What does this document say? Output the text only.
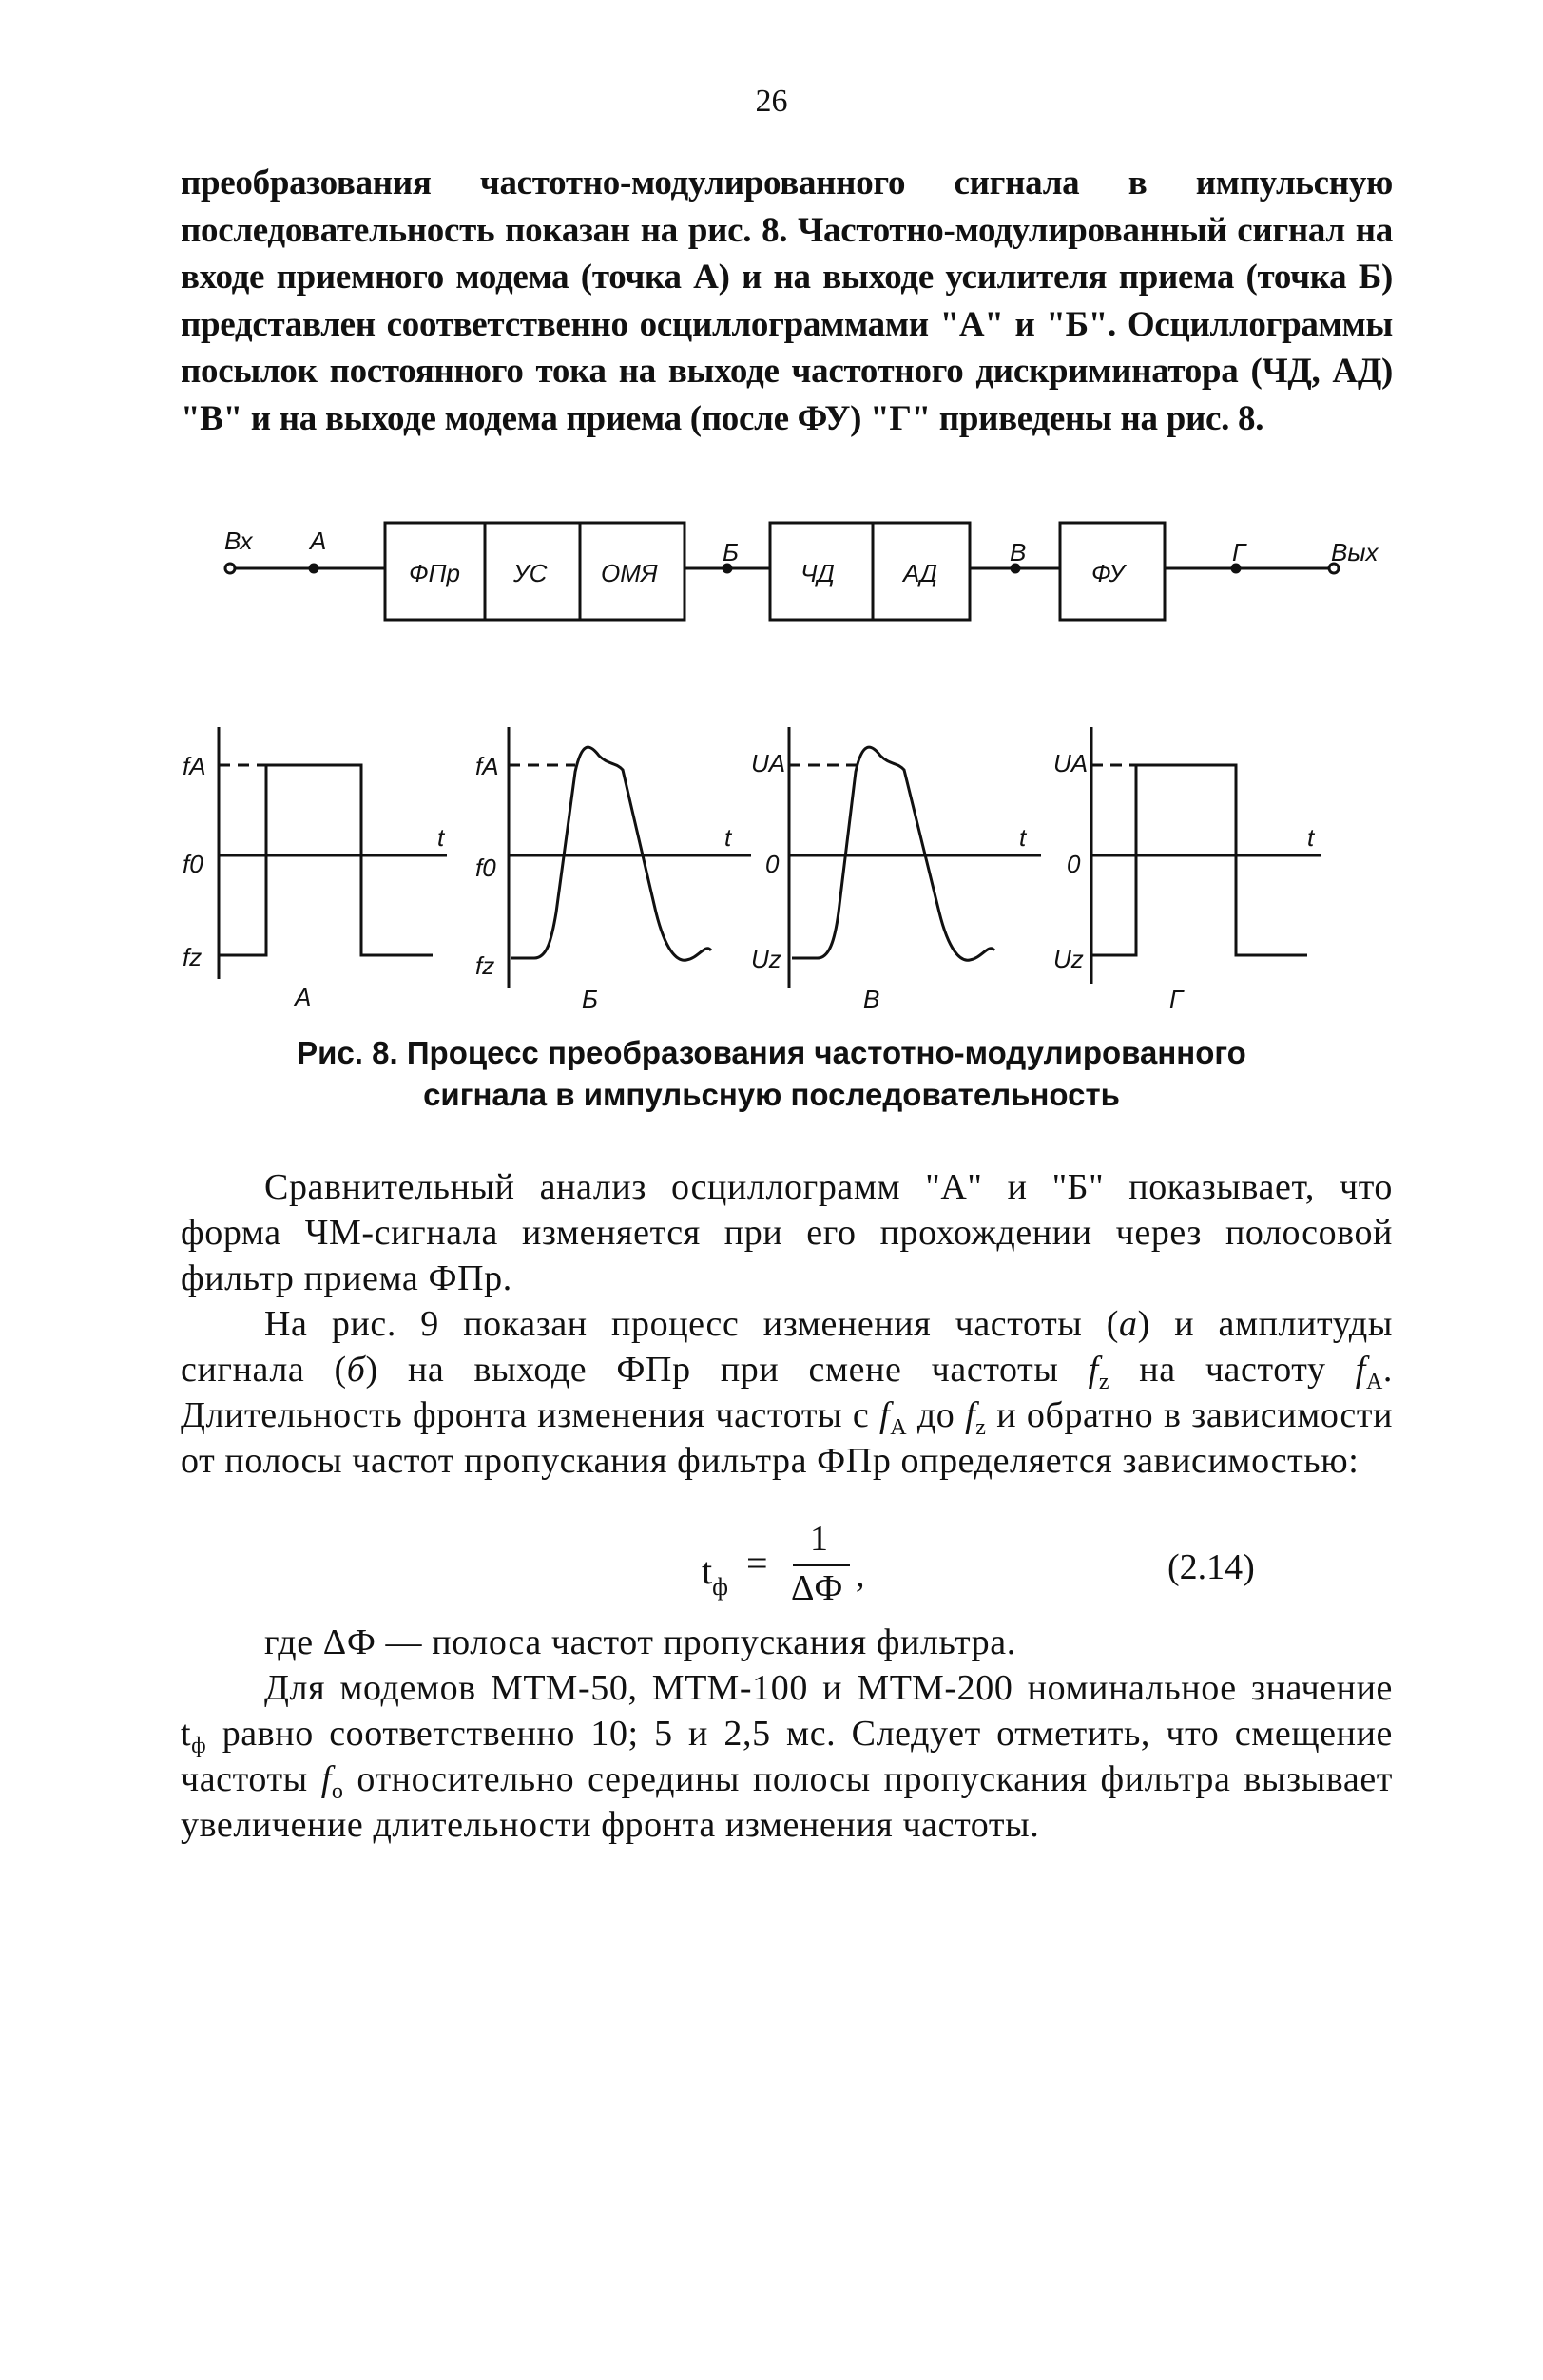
26

преобразования частотно-модулированного сигнала в импульсную последовательность показан на рис. 8. Частотно-модулированный сигнал на входе приемного модема (точка А) и на выходе усилителя приема (точка Б) представлен соответственно осциллограммами "А" и "Б". Осциллограммы посылок постоянного тока на выходе частотного дискриминатора (ЧД, АД) "В" и на выходе модема приема (после ФУ) "Г" приведены на рис. 8.

Вх А	Б	В	Г	Вых
ФПр УС ОМЯ	ЧД	АД	ФУ
fA
f0
fz
t
А
fA
f0
fz
t
Б
UA
0
Uz
t
В
UA
0
Uz
t
Г
Рис. 8. Процесс преобразования частотно-модулированного
сигнала в импульсную последовательность

Сравнительный анализ осциллограмм "А" и "Б" показывает, что форма ЧМ-сигнала изменяется при его прохождении через полосовой фильтр приема ФПр.

На рис. 9 показан процесс изменения частоты (а) и амплитуды сигнала (б) на выходе ФПр при смене частоты $f_z$ на частоту $f_A$. Длительность фронта изменения частоты с $f_A$ до $f_z$ и обратно в зависимости от полосы частот пропускания фильтра ФПр определяется зависимостью:

$t_ф$
=
1
ΔФ ,	(2.14)

где ΔФ — полоса частот пропускания фильтра.

Для модемов МТМ-50, МТМ-100 и МТМ-200 номинальное значение $t_ф$ равно соответственно 10; 5 и 2,5 мс. Следует отметить, что смещение частоты $f_о$ относительно середины полосы пропускания фильтра вызывает увеличение длительности фронта изменения частоты.
